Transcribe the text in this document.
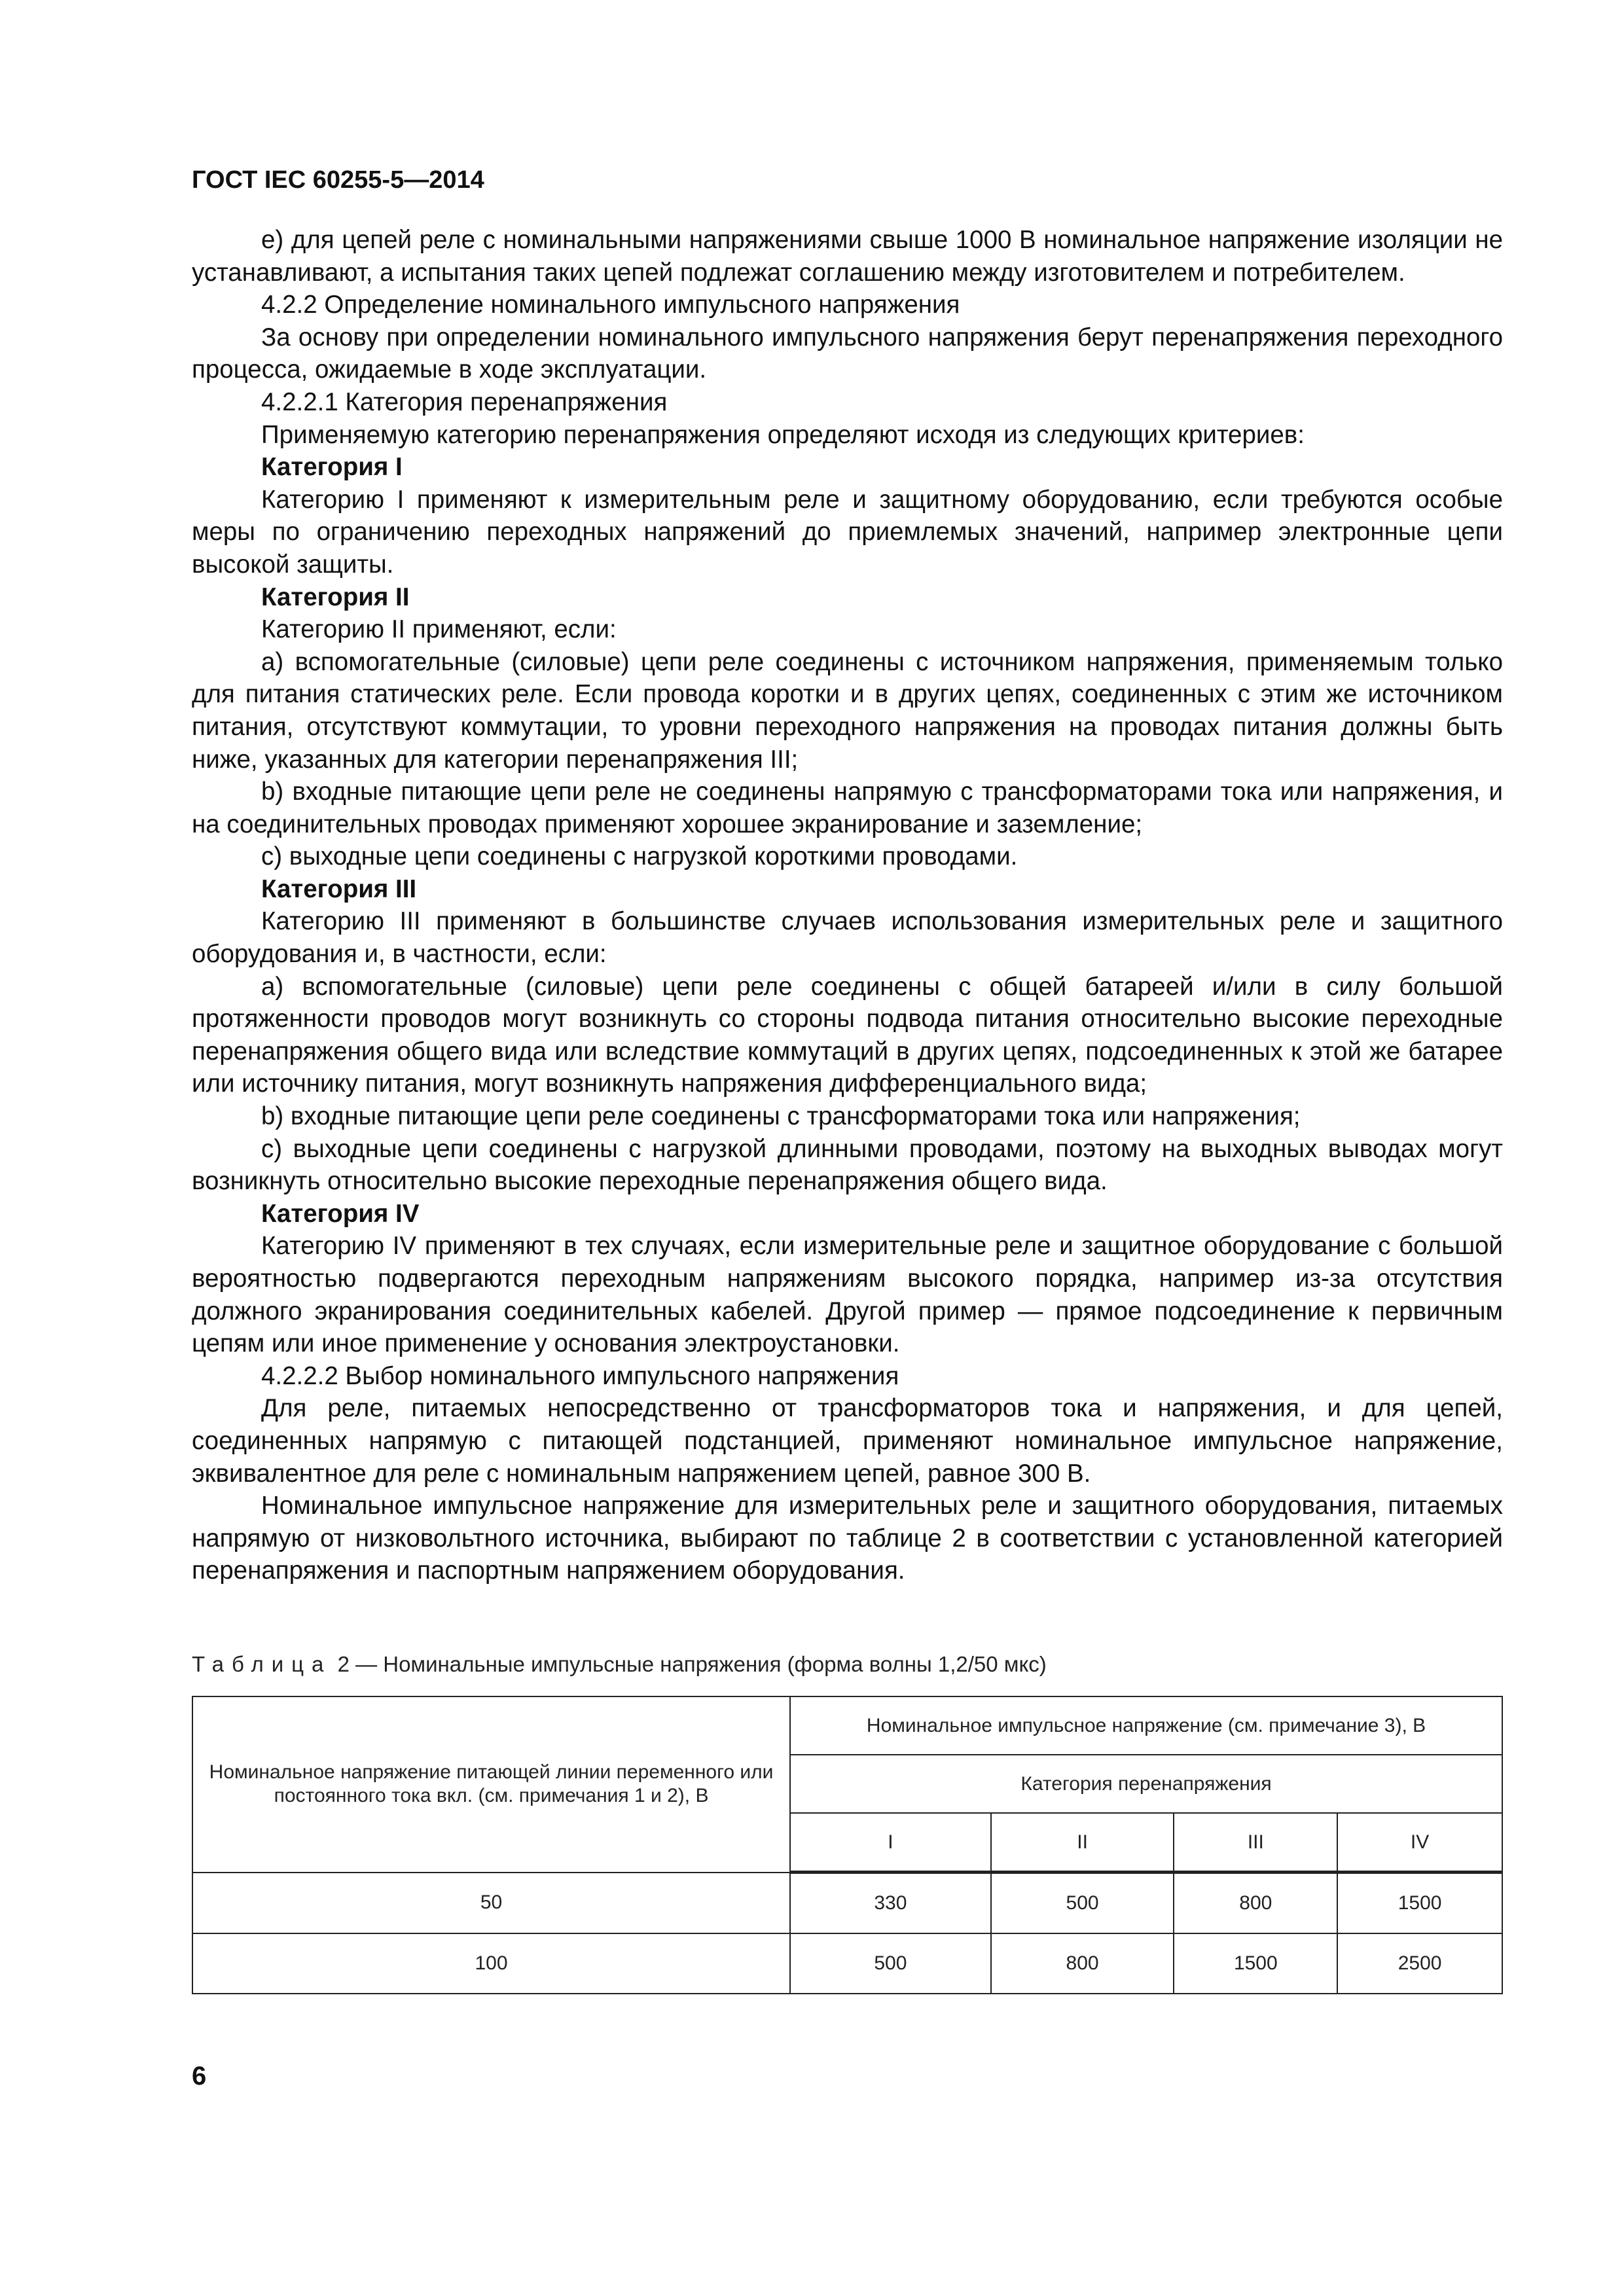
ГОСТ IEC 60255-5—2014

e) для цепей реле с номинальными напряжениями свыше 1000 В номинальное напряжение изоляции не устанавливают, а испытания таких цепей подлежат соглашению между изготовителем и потребителем.

4.2.2 Определение номинального импульсного напряжения

За основу при определении номинального импульсного напряжения берут перенапряжения переходного процесса, ожидаемые в ходе эксплуатации.

4.2.2.1 Категория перенапряжения

Применяемую категорию перенапряжения определяют исходя из следующих критериев:

Категория I

Категорию I применяют к измерительным реле и защитному оборудованию, если требуются особые меры по ограничению переходных напряжений до приемлемых значений, например электронные цепи высокой защиты.

Категория II

Категорию II применяют, если:

a) вспомогательные (силовые) цепи реле соединены с источником напряжения, применяемым только для питания статических реле. Если провода коротки и в других цепях, соединенных с этим же источником питания, отсутствуют коммутации, то уровни переходного напряжения на проводах питания должны быть ниже, указанных для категории перенапряжения III;

b) входные питающие цепи реле не соединены напрямую с трансформаторами тока или напряжения, и на соединительных проводах применяют хорошее экранирование и заземление;

c) выходные цепи соединены с нагрузкой короткими проводами.

Категория III

Категорию III применяют в большинстве случаев использования измерительных реле и защитного оборудования и, в частности, если:

a) вспомогательные (силовые) цепи реле соединены с общей батареей и/или в силу большой протяженности проводов могут возникнуть со стороны подвода питания относительно высокие переходные перенапряжения общего вида или вследствие коммутаций в других цепях, подсоединенных к этой же батарее или источнику питания, могут возникнуть напряжения дифференциального вида;

b) входные питающие цепи реле соединены с трансформаторами тока или напряжения;

c) выходные цепи соединены с нагрузкой длинными проводами, поэтому на выходных выводах могут возникнуть относительно высокие переходные перенапряжения общего вида.

Категория IV

Категорию IV применяют в тех случаях, если измерительные реле и защитное оборудование с большой вероятностью подвергаются переходным напряжениям высокого порядка, например из-за отсутствия должного экранирования соединительных кабелей. Другой пример — прямое подсоединение к первичным цепям или иное применение у основания электроустановки.

4.2.2.2 Выбор номинального импульсного напряжения

Для реле, питаемых непосредственно от трансформаторов тока и напряжения, и для цепей, соединенных напрямую с питающей подстанцией, применяют номинальное импульсное напряжение, эквивалентное для реле с номинальным напряжением цепей, равное 300 В.

Номинальное импульсное напряжение для измерительных реле и защитного оборудования, питаемых напрямую от низковольтного источника, выбирают по таблице 2 в соответствии с установленной категорией перенапряжения и паспортным напряжением оборудования.

Таблица 2 — Номинальные импульсные напряжения (форма волны 1,2/50 мкс)
Номинальное напряжение питающей линии переменного или постоянного тока вкл. (см. примечания 1 и 2), В	Номинальное импульсное напряжение (см. примечание 3), В			
	Категория перенапряжения			
	I	II	III	IV
50	330	500	800	1500
100	500	800	1500	2500
6
